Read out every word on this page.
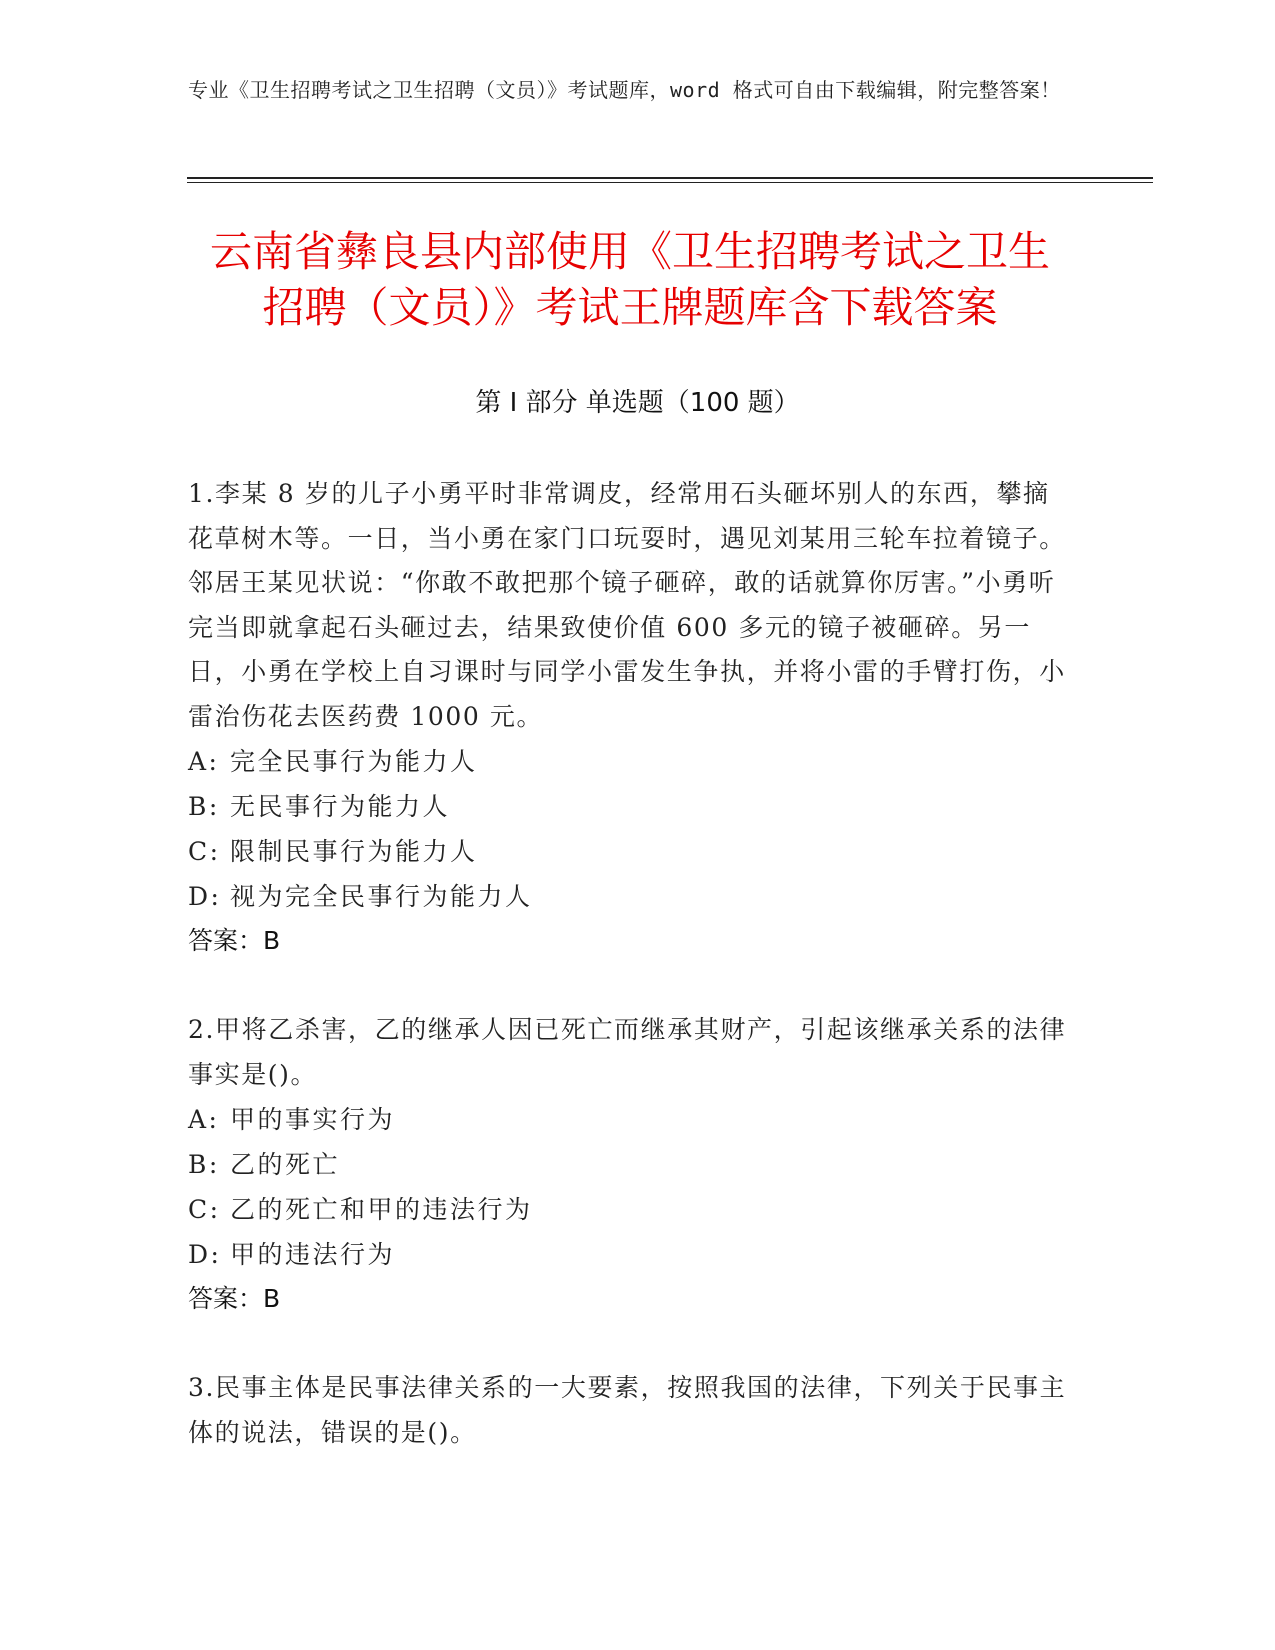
专业《卫生招聘考试之卫生招聘（文员）》考试题库，word 格式可自由下载编辑，附完整答案！
云南省彝良县内部使用《卫生招聘考试之卫生招聘（文员）》考试王牌题库含下载答案
第 I 部分 单选题（100 题）

1.李某 8 岁的儿子小勇平时非常调皮，经常用石头砸坏别人的东西，攀摘花草树木等。一日，当小勇在家门口玩耍时，遇见刘某用三轮车拉着镜子。邻居王某见状说：“你敢不敢把那个镜子砸碎，敢的话就算你厉害。”小勇听完当即就拿起石头砸过去，结果致使价值 600 多元的镜子被砸碎。另一日，小勇在学校上自习课时与同学小雷发生争执，并将小雷的手臂打伤，小雷治伤花去医药费 1000 元。

A: 完全民事行为能力人

B: 无民事行为能力人

C: 限制民事行为能力人

D: 视为完全民事行为能力人

答案：B

2.甲将乙杀害，乙的继承人因已死亡而继承其财产，引起该继承关系的法律事实是()。

A: 甲的事实行为

B: 乙的死亡

C: 乙的死亡和甲的违法行为

D: 甲的违法行为

答案：B

3.民事主体是民事法律关系的一大要素，按照我国的法律，下列关于民事主体的说法，错误的是()。
